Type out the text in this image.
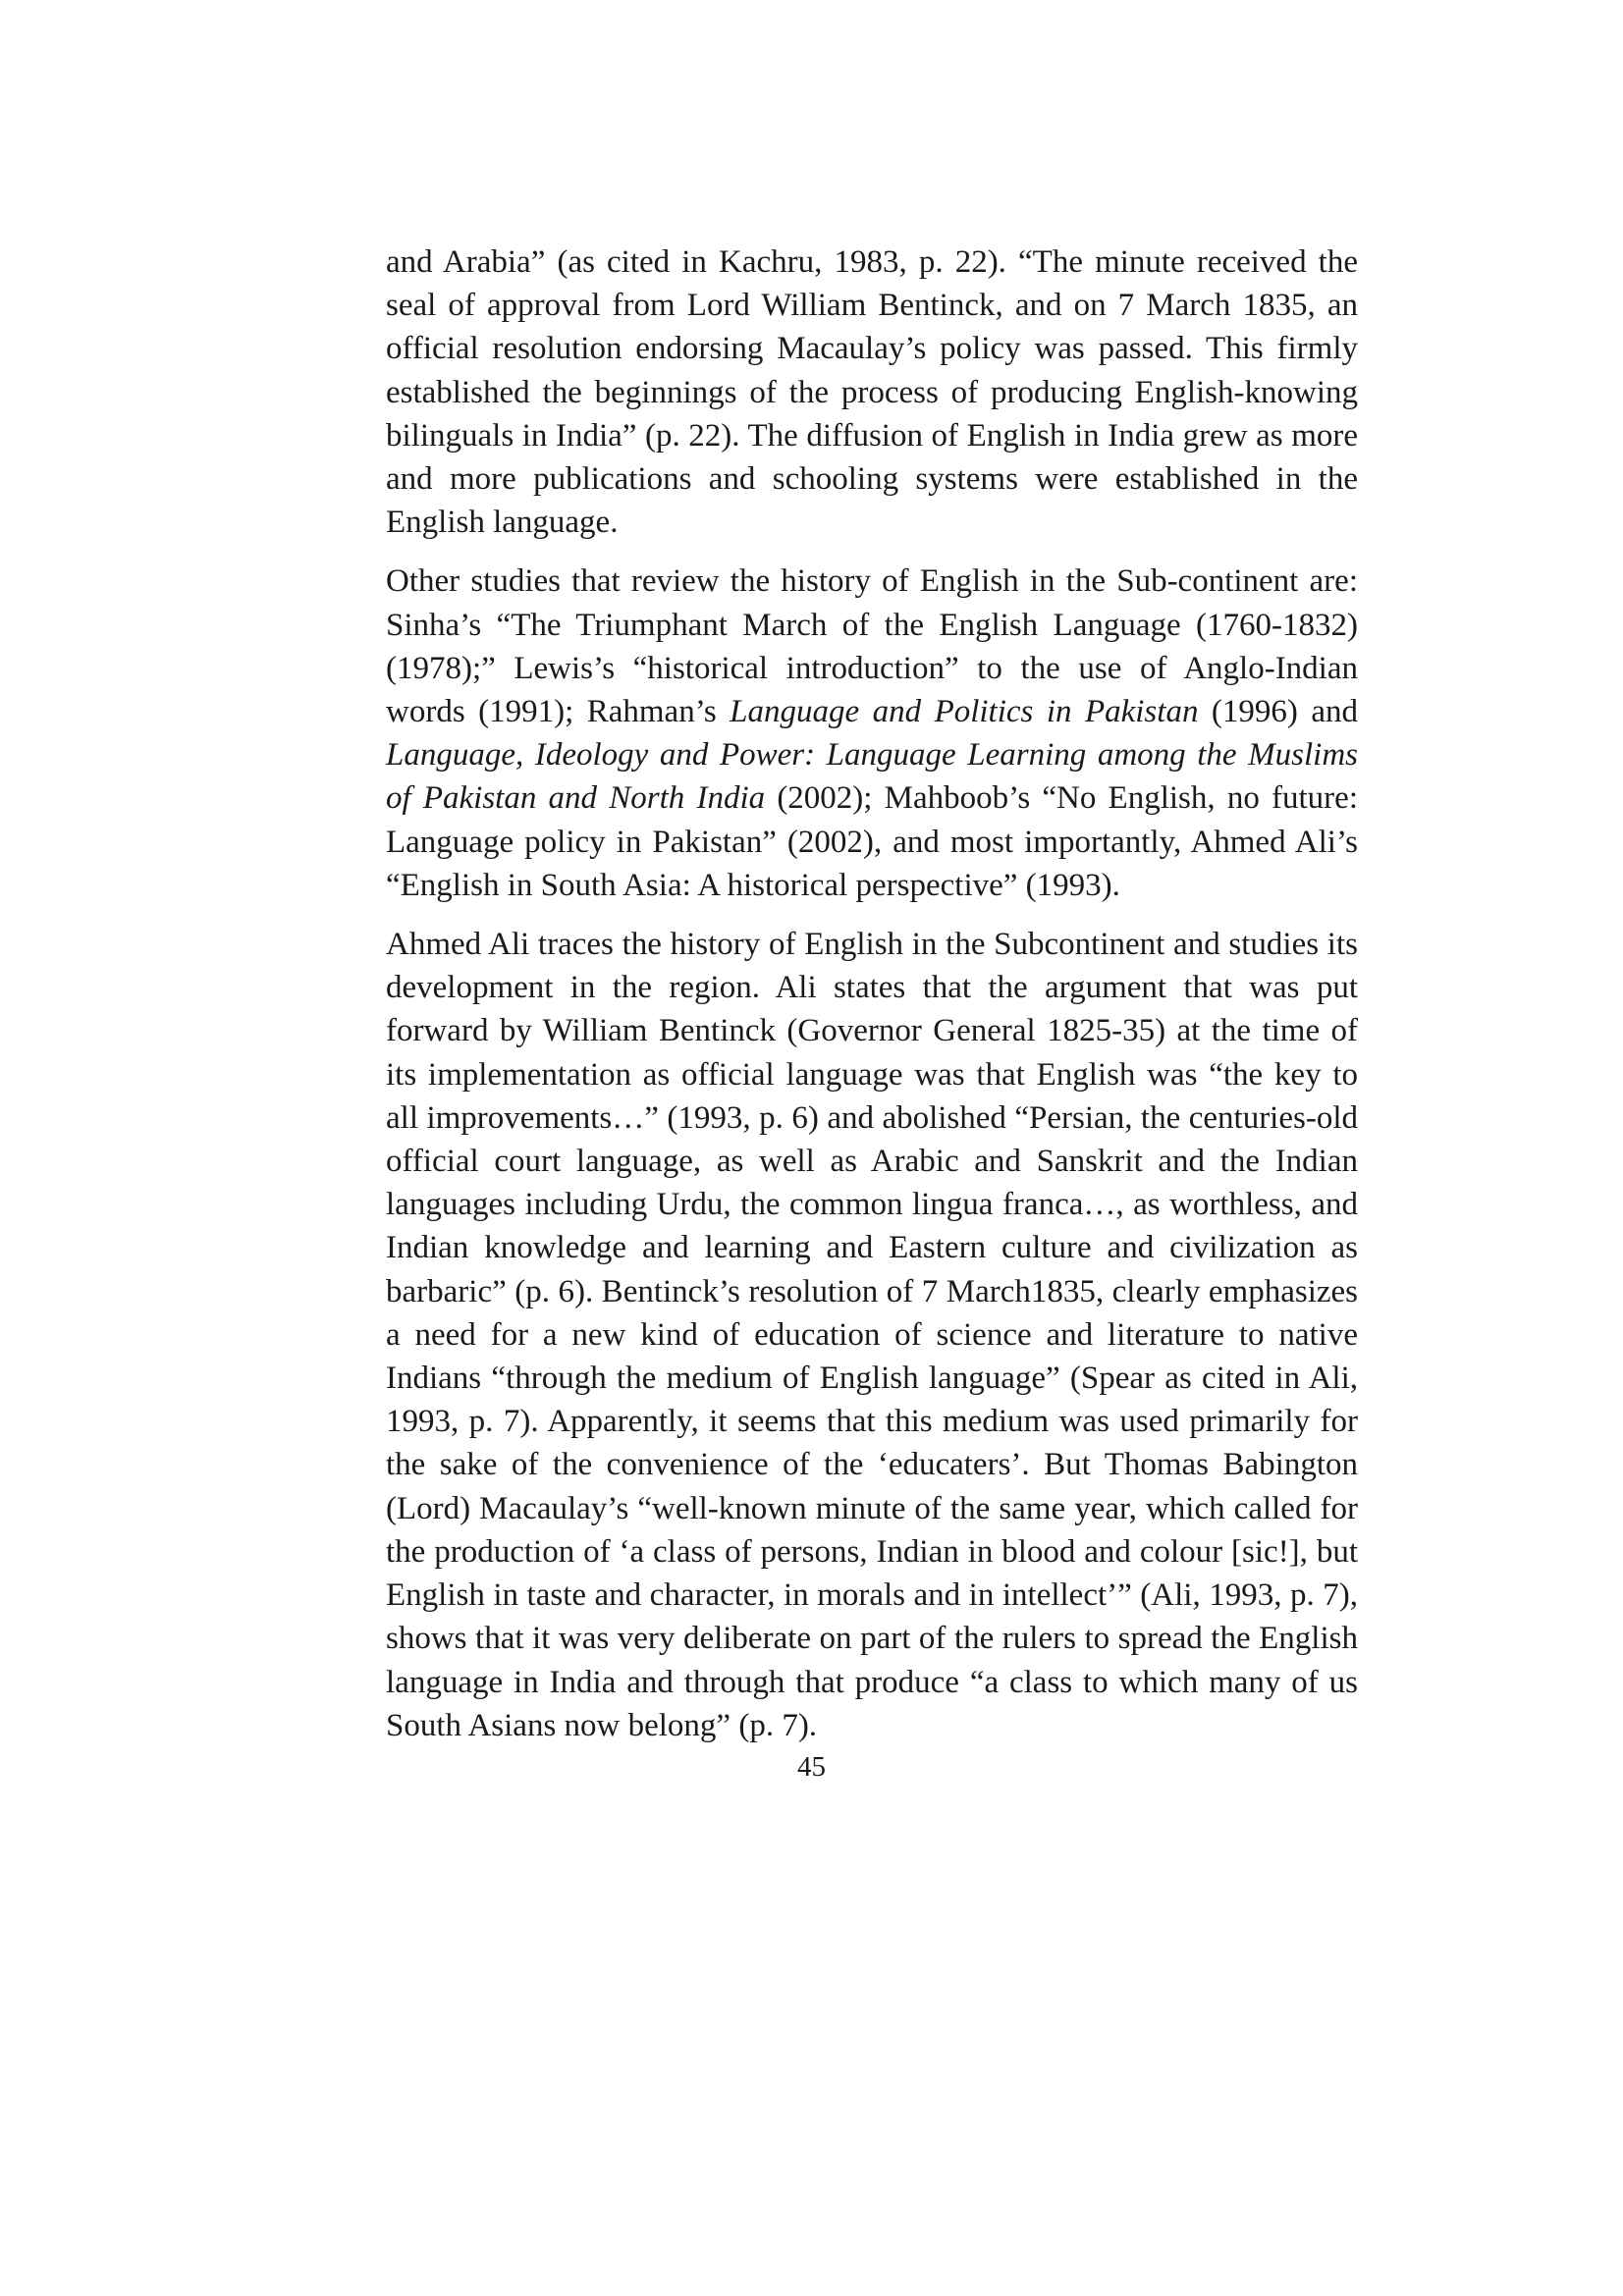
and Arabia” (as cited in Kachru, 1983, p. 22). “The minute received the seal of approval from Lord William Bentinck, and on 7 March 1835, an official resolution endorsing Macaulay’s policy was passed. This firmly established the beginnings of the process of producing English-knowing bilinguals in India” (p. 22). The diffusion of English in India grew as more and more publications and schooling systems were established in the English language.

Other studies that review the history of English in the Sub-continent are: Sinha’s “The Triumphant March of the English Language (1760-1832) (1978);” Lewis’s “historical introduction” to the use of Anglo-Indian words (1991); Rahman’s Language and Politics in Pakistan (1996) and Language, Ideology and Power: Language Learning among the Muslims of Pakistan and North India (2002); Mahboob’s “No English, no future: Language policy in Pakistan” (2002), and most importantly, Ahmed Ali’s “English in South Asia: A historical perspective” (1993).

Ahmed Ali traces the history of English in the Subcontinent and studies its development in the region. Ali states that the argument that was put forward by William Bentinck (Governor General 1825-35) at the time of its implementation as official language was that English was “the key to all improvements…” (1993, p. 6) and abolished “Persian, the centuries-old official court language, as well as Arabic and Sanskrit and the Indian languages including Urdu, the common lingua franca…, as worthless, and Indian knowledge and learning and Eastern culture and civilization as barbaric” (p. 6). Bentinck’s resolution of 7 March1835, clearly emphasizes a need for a new kind of education of science and literature to native Indians “through the medium of English language” (Spear as cited in Ali, 1993, p. 7). Apparently, it seems that this medium was used primarily for the sake of the convenience of the ‘educaters’. But Thomas Babington (Lord) Macaulay’s “well-known minute of the same year, which called for the production of ‘a class of persons, Indian in blood and colour [sic!], but English in taste and character, in morals and in intellect’” (Ali, 1993, p. 7), shows that it was very deliberate on part of the rulers to spread the English language in India and through that produce “a class to which many of us South Asians now belong” (p. 7).

45
